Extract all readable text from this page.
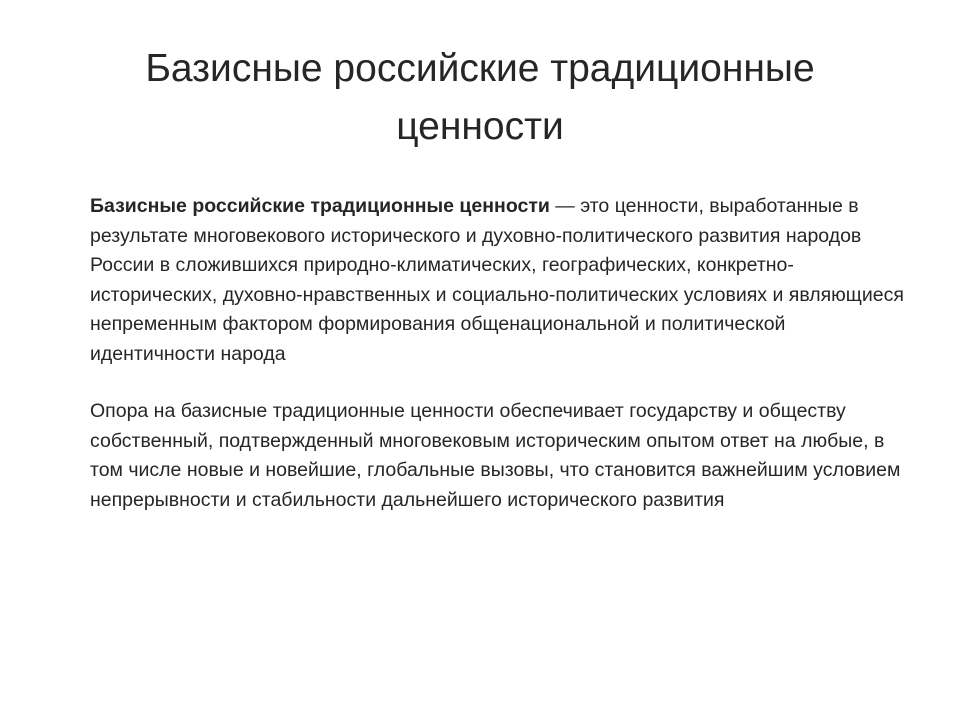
Базисные российские традиционные ценности

Базисные российские традиционные ценности — это ценности, выработанные в результате многовекового исторического и духовно-политического развития народов России в сложившихся природно-климатических, географических, конкретно-исторических, духовно-нравственных и социально-политических условиях и являющиеся непременным фактором формирования общенациональной и политической идентичности народа

Опора на базисные традиционные ценности обеспечивает государству и обществу собственный, подтвержденный многовековым историческим опытом ответ на любые, в том числе новые и новейшие, глобальные вызовы, что становится важнейшим условием непрерывности и стабильности дальнейшего исторического развития
